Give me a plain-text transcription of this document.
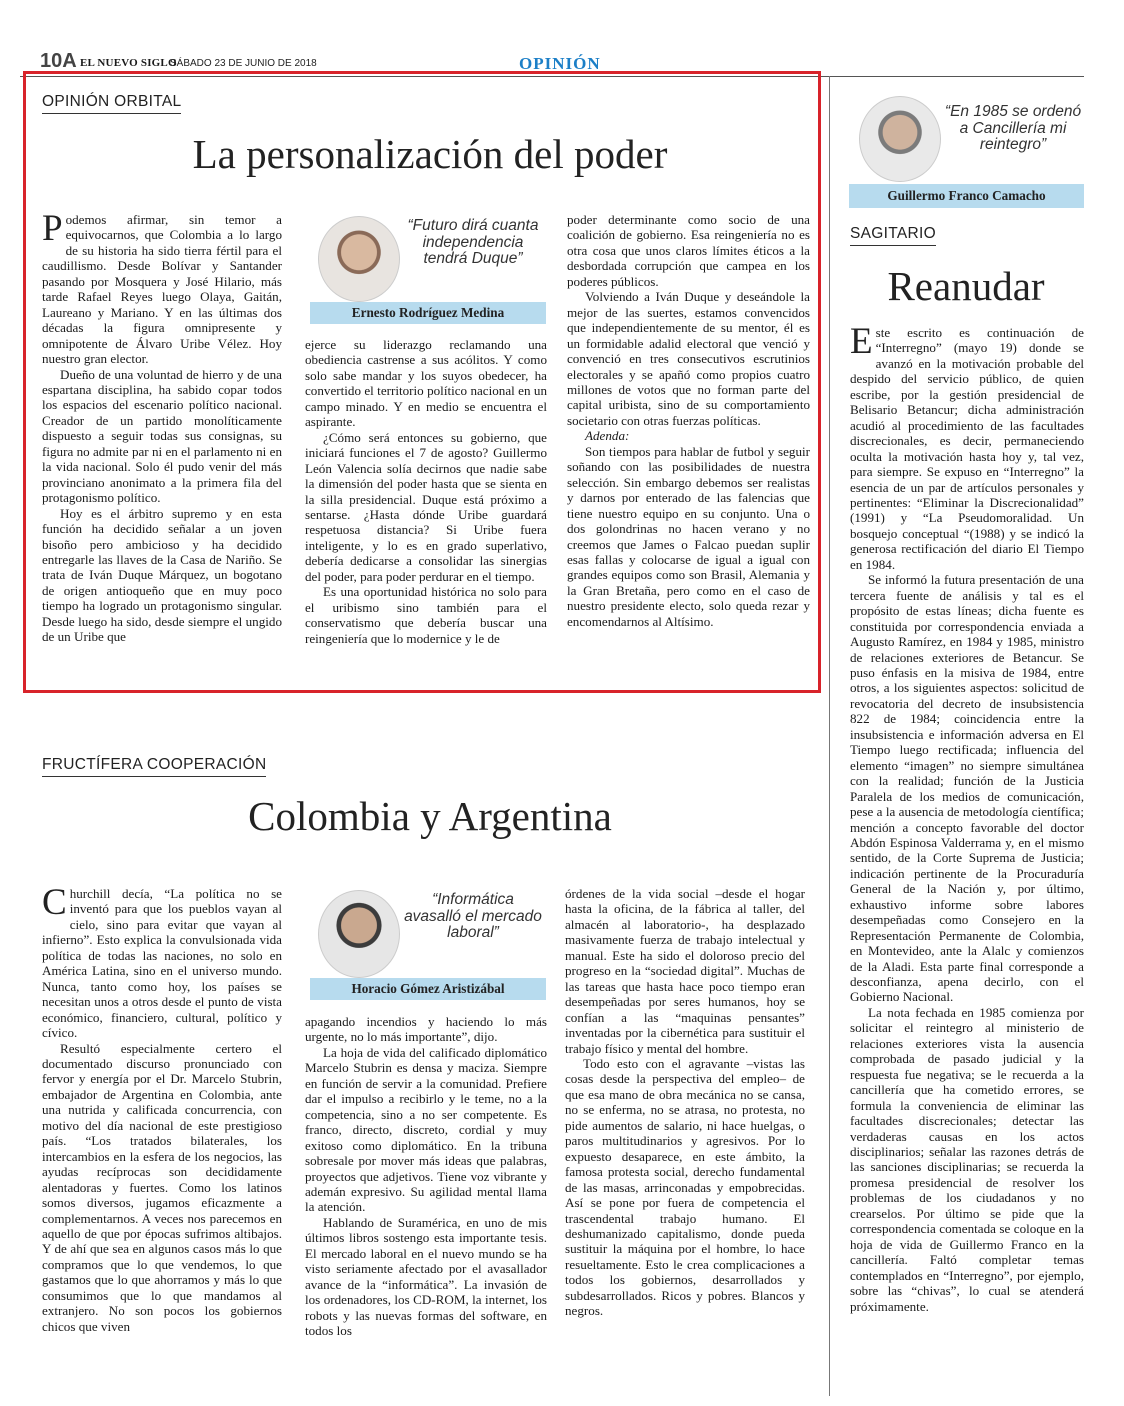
10A EL NUEVO SIGLO
SÁBADO 23 DE JUNIO DE 2018	OPINIÓN
OPINIÓN ORBITAL
La personalización del poder

Podemos afirmar, sin temor a equivocarnos, que Colombia a lo largo de su historia ha sido tierra fértil para el caudillismo. Desde Bolívar y Santander pasando por Mosquera y José Hilario, más tarde Rafael Reyes luego Olaya, Gaitán, Laureano y Mariano. Y en las últimas dos décadas la figura omnipresente y omnipotente de Álvaro Uribe Vélez. Hoy nuestro gran elector.

Dueño de una voluntad de hierro y de una espartana disciplina, ha sabido copar todos los espacios del escenario político nacional. Creador de un partido monolíticamente dispuesto a seguir todas sus consignas, su figura no admite par ni en el parlamento ni en la vida nacional. Solo él pudo venir del más provinciano anonimato a la primera fila del protagonismo político.

Hoy es el árbitro supremo y en esta función ha decidido señalar a un joven bisoño pero ambicioso y ha decidido entregarle las llaves de la Casa de Nariño. Se trata de Iván Duque Márquez, un bogotano de origen antioqueño que en muy poco tiempo ha logrado un protagonismo singular. Desde luego ha sido, desde siempre el ungido de un Uribe que

“Futuro dirá cuanta independencia tendrá Duque”
Ernesto Rodríguez Medina

ejerce su liderazgo reclamando una obediencia castrense a sus acólitos. Y como solo sabe mandar y los suyos obedecer, ha convertido el territorio político nacional en un campo minado. Y en medio se encuentra el aspirante.

¿Cómo será entonces su gobierno, que iniciará funciones el 7 de agosto? Guillermo León Valencia solía decirnos que nadie sabe la dimensión del poder hasta que se sienta en la silla presidencial. Duque está próximo a sentarse. ¿Hasta dónde Uribe guardará respetuosa distancia? Si Uribe fuera inteligente, y lo es en grado superlativo, debería dedicarse a consolidar las sinergias del poder, para poder perdurar en el tiempo.

Es una oportunidad histórica no solo para el uribismo sino también para el conservatismo que debería buscar una reingeniería que lo modernice y le de

poder determinante como socio de una coalición de gobierno. Esa reingeniería no es otra cosa que unos claros límites éticos a la desbordada corrupción que campea en los poderes públicos.

Volviendo a Iván Duque y deseándole la mejor de las suertes, estamos convencidos que independientemente de su mentor, él es un formidable adalid electoral que venció y convenció en tres consecutivos escrutinios electorales y se apañó como propios cuatro millones de votos que no forman parte del capital uribista, sino de su comportamiento societario con otras fuerzas políticas.

Adenda:

Son tiempos para hablar de futbol y seguir soñando con las posibilidades de nuestra selección. Sin embargo debemos ser realistas y darnos por enterado de las falencias que tiene nuestro equipo en su conjunto. Una o dos golondrinas no hacen verano y no creemos que James o Falcao puedan suplir esas fallas y colocarse de igual a igual con grandes equipos como son Brasil, Alemania y la Gran Bretaña, pero como en el caso de nuestro presidente electo, solo queda rezar y encomendarnos al Altísimo.

FRUCTÍFERA COOPERACIÓN
Colombia y Argentina

Churchill decía, “La política no se inventó para que los pueblos vayan al cielo, sino para evitar que vayan al infierno”. Esto explica la convulsionada vida política de todas las naciones, no solo en América Latina, sino en el universo mundo. Nunca, tanto como hoy, los países se necesitan unos a otros desde el punto de vista económico, financiero, cultural, político y cívico.

Resultó especialmente certero el documentado discurso pronunciado con fervor y energía por el Dr. Marcelo Stubrin, embajador de Argentina en Colombia, ante una nutrida y calificada concurrencia, con motivo del día nacional de este prestigioso país. “Los tratados bilaterales, los intercambios en la esfera de los negocios, las ayudas recíprocas son decididamente alentadoras y fuertes. Como los latinos somos diversos, jugamos eficazmente a complementarnos. A veces nos parecemos en aquello de que por épocas sufrimos altibajos. Y de ahí que sea en algunos casos más lo que compramos que lo que vendemos, lo que gastamos que lo que ahorramos y más lo que consumimos que lo que mandamos al extranjero. No son pocos los gobiernos chicos que viven

“Informática avasalló el mercado laboral”
Horacio Gómez Aristizábal

apagando incendios y haciendo lo más urgente, no lo más importante”, dijo.

La hoja de vida del calificado diplomático Marcelo Stubrin es densa y maciza. Siempre en función de servir a la comunidad. Prefiere dar el impulso a recibirlo y le teme, no a la competencia, sino a no ser competente. Es franco, directo, discreto, cordial y muy exitoso como diplomático. En la tribuna sobresale por mover más ideas que palabras, proyectos que adjetivos. Tiene voz vibrante y ademán expresivo. Su agilidad mental llama la atención.

Hablando de Suramérica, en uno de mis últimos libros sostengo esta importante tesis. El mercado laboral en el nuevo mundo se ha visto seriamente afectado por el avasallador avance de la “informática”. La invasión de los ordenadores, los CD-ROM, la internet, los robots y las nuevas formas del software, en todos los

órdenes de la vida social –desde el hogar hasta la oficina, de la fábrica al taller, del almacén al laboratorio-, ha desplazado masivamente fuerza de trabajo intelectual y manual. Este ha sido el doloroso precio del progreso en la “sociedad digital”. Muchas de las tareas que hasta hace poco tiempo eran desempeñadas por seres humanos, hoy se confían a las “maquinas pensantes” inventadas por la cibernética para sustituir el trabajo físico y mental del hombre.

Todo esto con el agravante –vistas las cosas desde la perspectiva del empleo– de que esa mano de obra mecánica no se cansa, no se enferma, no se atrasa, no protesta, no pide aumentos de salario, ni hace huelgas, o paros multitudinarios y agresivos. Por lo expuesto desaparece, en este ámbito, la famosa protesta social, derecho fundamental de las masas, arrinconadas y empobrecidas. Así se pone por fuera de competencia el trascendental trabajo humano. El deshumanizado capitalismo, donde pueda sustituir la máquina por el hombre, lo hace resueltamente. Esto le crea complicaciones a todos los gobiernos, desarrollados y subdesarrollados. Ricos y pobres. Blancos y negros.

“En 1985 se ordenó a Cancillería mi reintegro”
Guillermo Franco Camacho
SAGITARIO
Reanudar

Este escrito es continuación de “Interregno” (mayo 19) donde se avanzó en la motivación probable del despido del servicio público, de quien escribe, por la gestión presidencial de Belisario Betancur; dicha administración acudió al procedimiento de las facultades discrecionales, es decir, permaneciendo oculta la motivación hasta hoy y, tal vez, para siempre. Se expuso en “Interregno” la esencia de un par de artículos personales y pertinentes: “Eliminar la Discrecionalidad” (1991) y “La Pseudomoralidad. Un bosquejo conceptual “(1988) y se indicó la generosa rectificación del diario El Tiempo en 1984.

Se informó la futura presentación de una tercera fuente de análisis y tal es el propósito de estas líneas; dicha fuente es constituida por correspondencia enviada a Augusto Ramírez, en 1984 y 1985, ministro de relaciones exteriores de Betancur. Se puso énfasis en la misiva de 1984, entre otros, a los siguientes aspectos: solicitud de revocatoria del decreto de insubsistencia 822 de 1984; coincidencia entre la insubsistencia e información adversa en El Tiempo luego rectificada; influencia del elemento “imagen” no siempre simultánea con la realidad; función de la Justicia Paralela de los medios de comunicación, pese a la ausencia de metodología científica; mención a concepto favorable del doctor Abdón Espinosa Valderrama y, en el mismo sentido, de la Corte Suprema de Justicia; indicación pertinente de la Procuraduría General de la Nación y, por último, exhaustivo informe sobre labores desempeñadas como Consejero en la Representación Permanente de Colombia, en Montevideo, ante la Alalc y comienzos de la Aladi. Esta parte final corresponde a desconfianza, apena decirlo, con el Gobierno Nacional.

La nota fechada en 1985 comienza por solicitar el reintegro al ministerio de relaciones exteriores vista la ausencia comprobada de pasado judicial y la respuesta fue negativa; se le recuerda a la cancillería que ha cometido errores, se formula la conveniencia de eliminar las facultades discrecionales; detectar las verdaderas causas en los actos disciplinarios; señalar las razones detrás de las sanciones disciplinarias; se recuerda la promesa presidencial de resolver los problemas de los ciudadanos y no crearselos. Por último se pide que la correspondencia comentada se coloque en la hoja de vida de Guillermo Franco en la cancillería. Faltó completar temas contemplados en “Interregno”, por ejemplo, sobre las “chivas”, lo cual se atenderá próximamente.
